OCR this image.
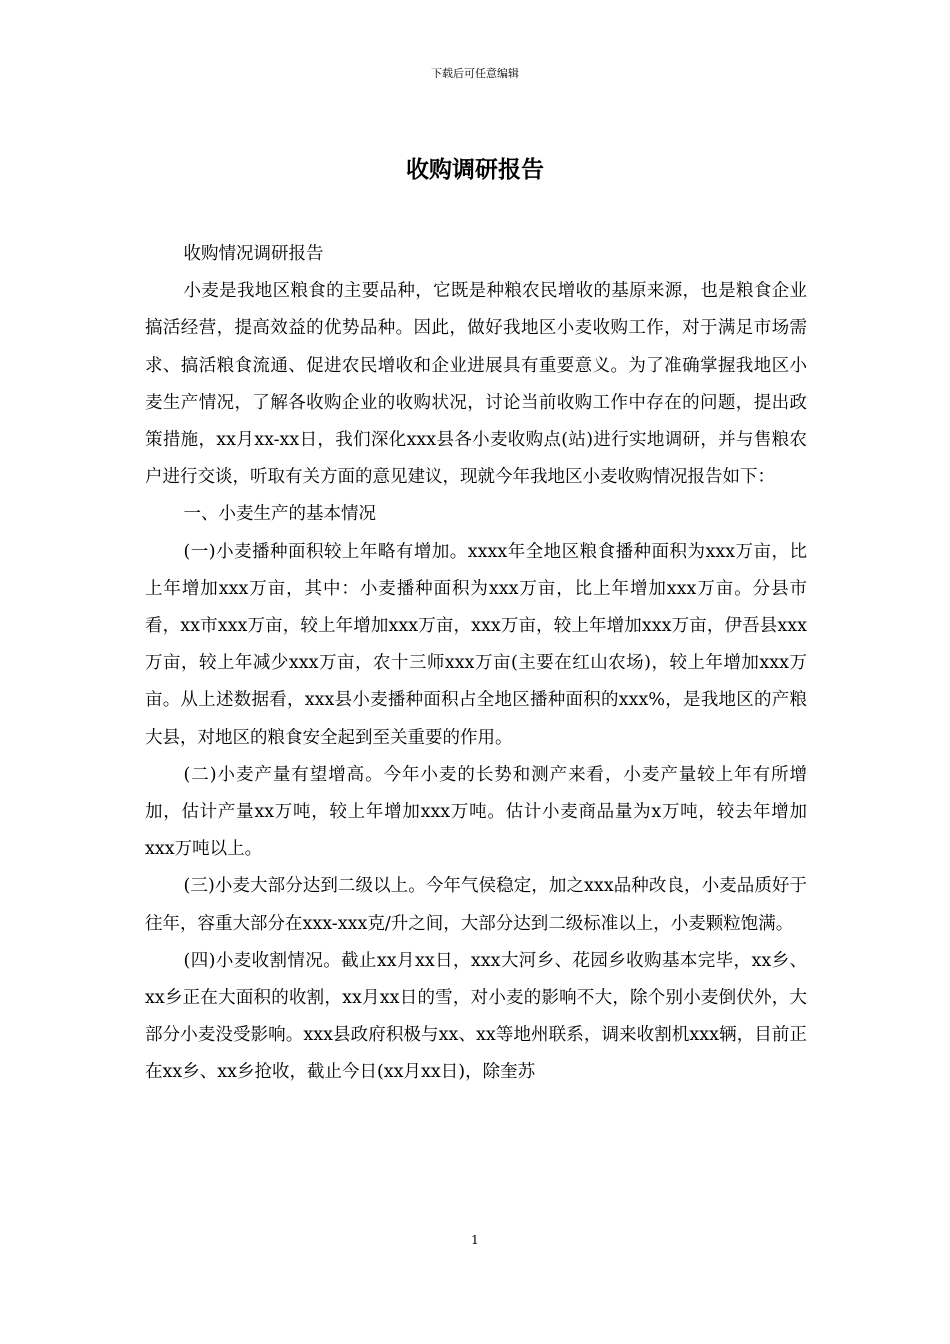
下载后可任意编辑
收购调研报告

收购情况调研报告

小麦是我地区粮食的主要品种，它既是种粮农民增收的基原来源，也是粮食企业搞活经营，提高效益的优势品种。因此，做好我地区小麦收购工作，对于满足市场需求、搞活粮食流通、促进农民增收和企业进展具有重要意义。为了准确掌握我地区小麦生产情况，了解各收购企业的收购状况，讨论当前收购工作中存在的问题，提出政策措施，xx月xx-xx日，我们深化xxx县各小麦收购点(站)进行实地调研，并与售粮农户进行交谈，听取有关方面的意见建议，现就今年我地区小麦收购情况报告如下：

一、小麦生产的基本情况

(一)小麦播种面积较上年略有增加。xxxx年全地区粮食播种面积为xxx万亩，比上年增加xxx万亩，其中：小麦播种面积为xxx万亩，比上年增加xxx万亩。分县市看，xx市xxx万亩，较上年增加xxx万亩，xxx万亩，较上年增加xxx万亩，伊吾县xxx万亩，较上年减少xxx万亩，农十三师xxx万亩(主要在红山农场)，较上年增加xxx万亩。从上述数据看，xxx县小麦播种面积占全地区播种面积的xxx%，是我地区的产粮大县，对地区的粮食安全起到至关重要的作用。

(二)小麦产量有望增高。今年小麦的长势和测产来看，小麦产量较上年有所增加，估计产量xx万吨，较上年增加xxx万吨。估计小麦商品量为x万吨，较去年增加xxx万吨以上。

(三)小麦大部分达到二级以上。今年气侯稳定，加之xxx品种改良，小麦品质好于往年，容重大部分在xxx-xxx克/升之间，大部分达到二级标准以上，小麦颗粒饱满。

(四)小麦收割情况。截止xx月xx日，xxx大河乡、花园乡收购基本完毕，xx乡、xx乡正在大面积的收割，xx月xx日的雪，对小麦的影响不大，除个别小麦倒伏外，大部分小麦没受影响。xxx县政府积极与xx、xx等地州联系，调来收割机xxx辆，目前正在xx乡、xx乡抢收，截止今日(xx月xx日)，除奎苏

1
